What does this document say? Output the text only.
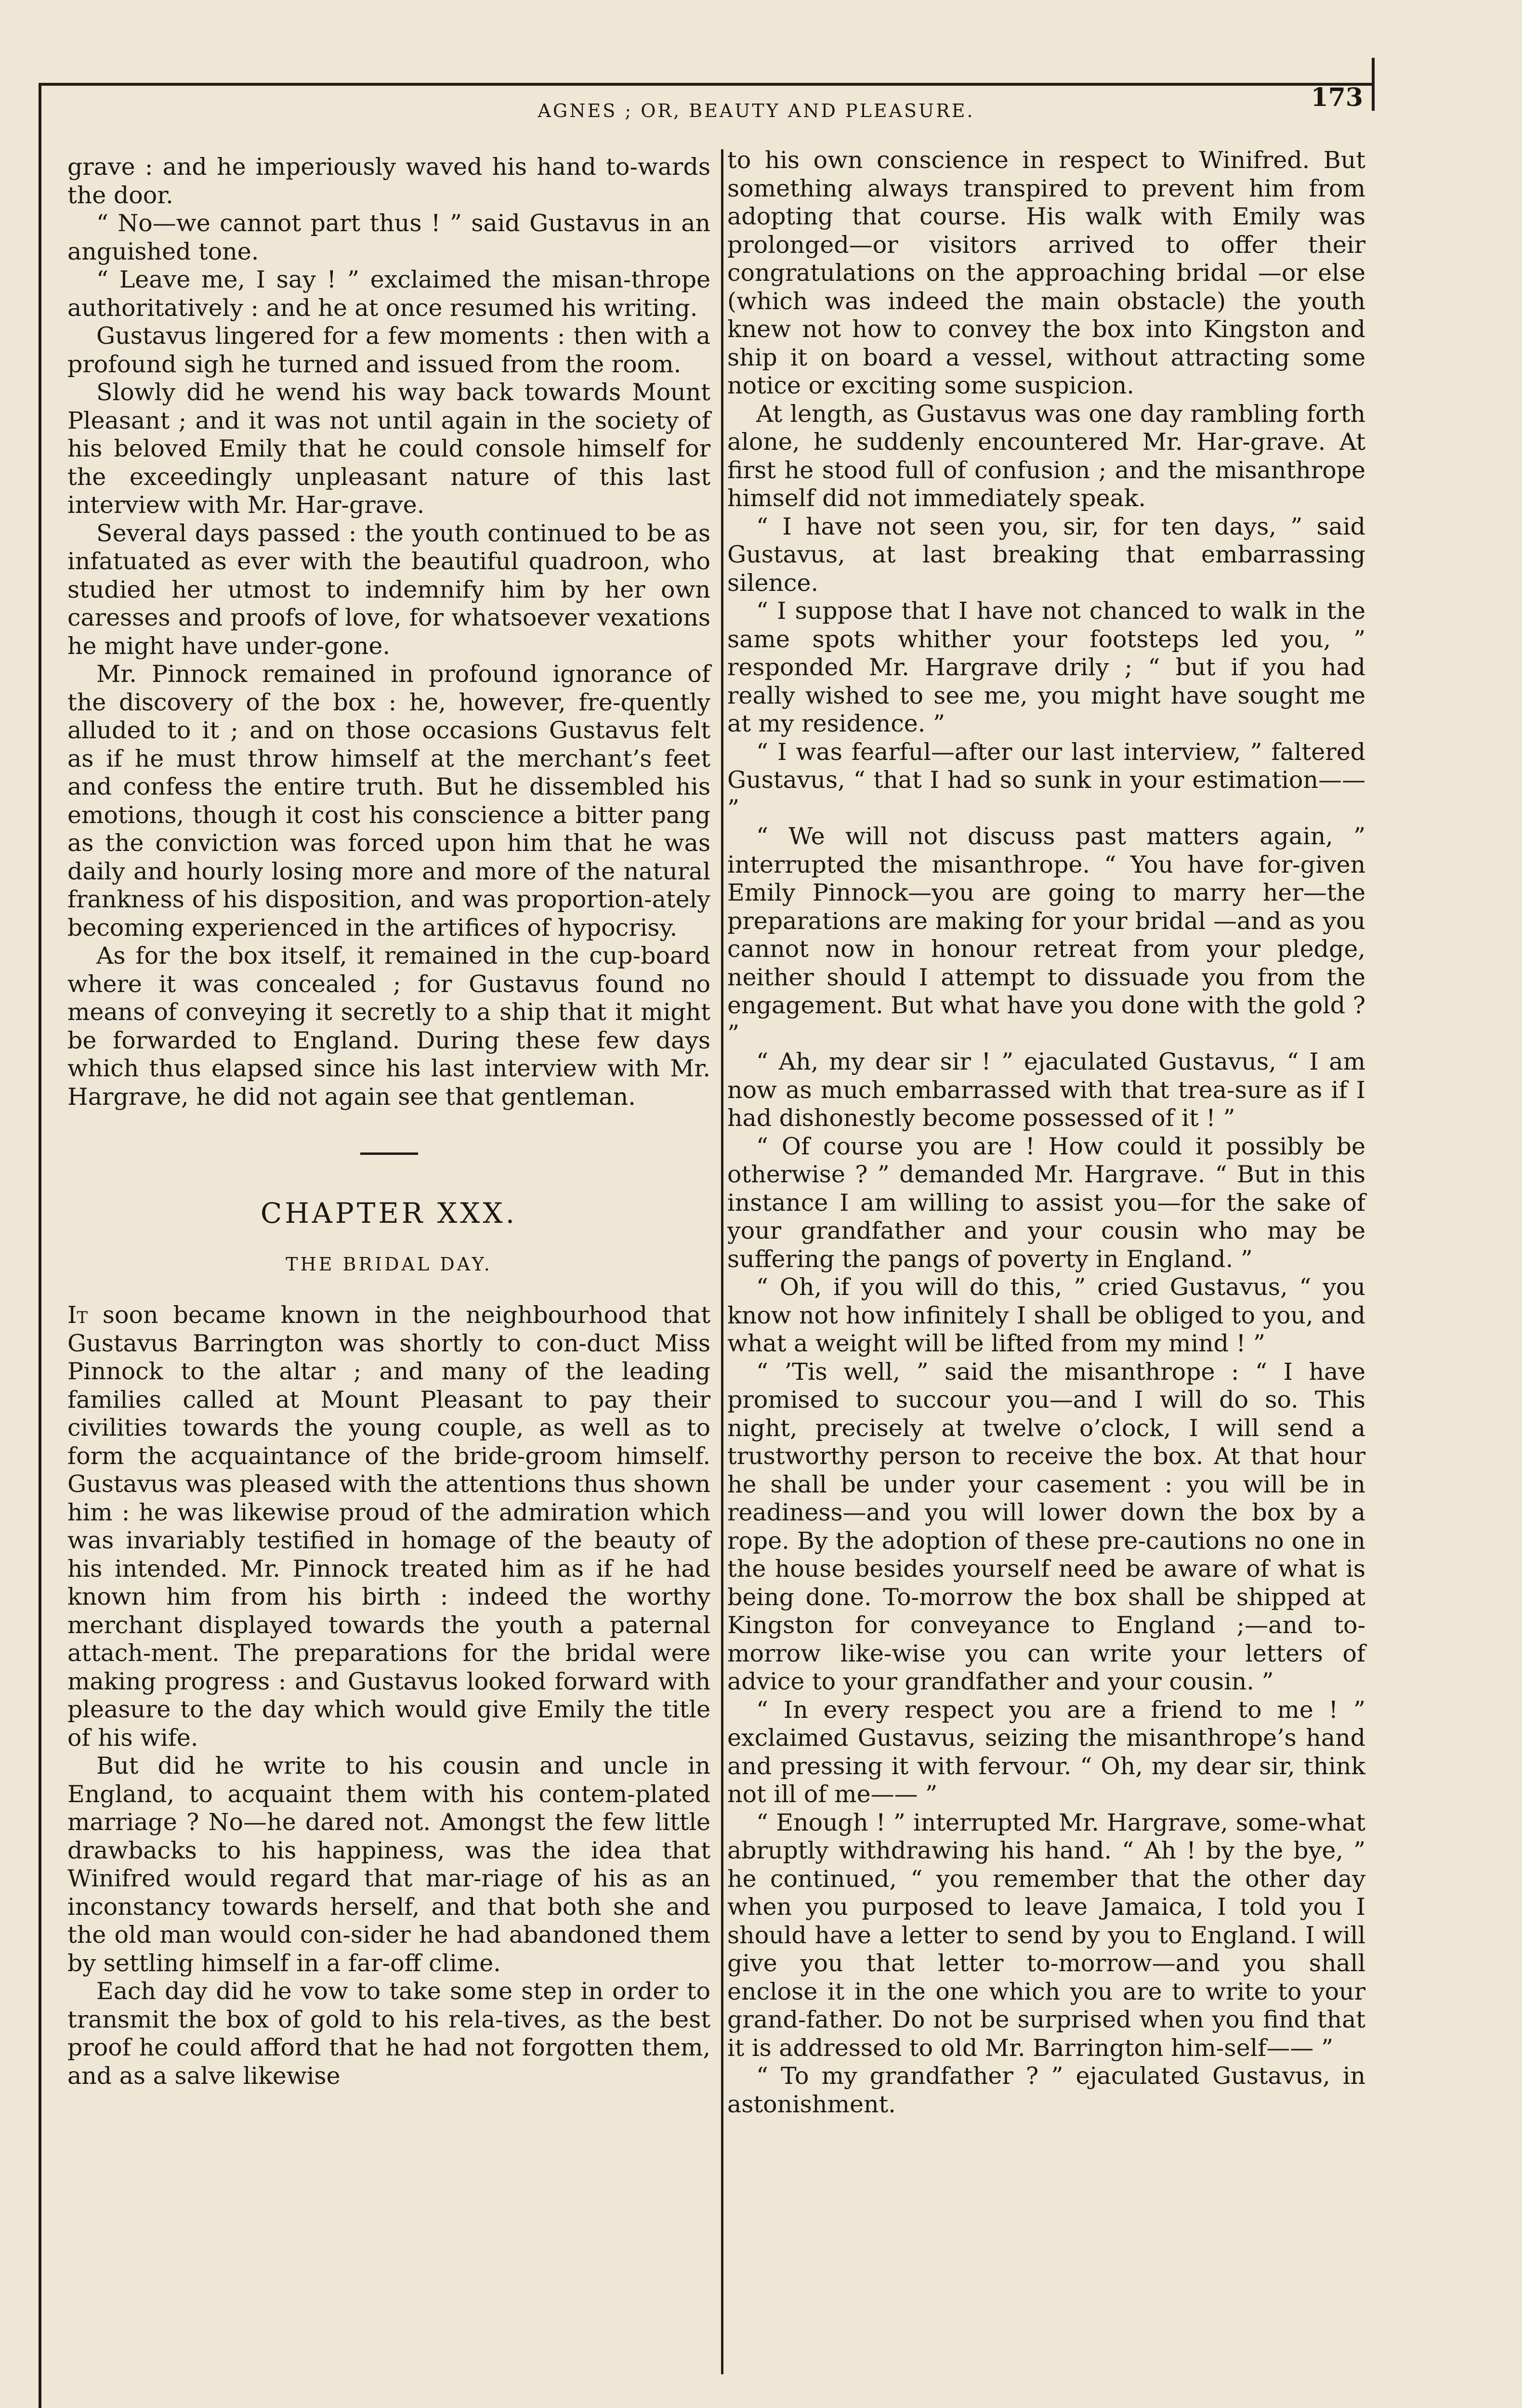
AGNES ; OR, BEAUTY AND PLEASURE.	173

grave : and he imperiously waved his hand to-wards the door.

“ No—we cannot part thus ! ” said Gustavus in an anguished tone.

“ Leave me, I say ! ” exclaimed the misan-thrope authoritatively : and he at once resumed his writing.

Gustavus lingered for a few moments : then with a profound sigh he turned and issued from the room.

Slowly did he wend his way back towards Mount Pleasant ; and it was not until again in the society of his beloved Emily that he could console himself for the exceedingly unpleasant nature of this last interview with Mr. Har-grave.

Several days passed : the youth continued to be as infatuated as ever with the beautiful quadroon, who studied her utmost to indemnify him by her own caresses and proofs of love, for whatsoever vexations he might have under-gone.

Mr. Pinnock remained in profound ignorance of the discovery of the box : he, however, fre-quently alluded to it ; and on those occasions Gustavus felt as if he must throw himself at the merchant’s feet and confess the entire truth. But he dissembled his emotions, though it cost his conscience a bitter pang as the conviction was forced upon him that he was daily and hourly losing more and more of the natural frankness of his disposition, and was proportion-ately becoming experienced in the artifices of hypocrisy.

As for the box itself, it remained in the cup-board where it was concealed ; for Gustavus found no means of conveying it secretly to a ship that it might be forwarded to England. During these few days which thus elapsed since his last interview with Mr. Hargrave, he did not again see that gentleman.

CHAPTER XXX.
THE BRIDAL DAY.

It soon became known in the neighbourhood that Gustavus Barrington was shortly to con-duct Miss Pinnock to the altar ; and many of the leading families called at Mount Pleasant to pay their civilities towards the young couple, as well as to form the acquaintance of the bride-groom himself. Gustavus was pleased with the attentions thus shown him : he was likewise proud of the admiration which was invariably testified in homage of the beauty of his intended. Mr. Pinnock treated him as if he had known him from his birth : indeed the worthy merchant displayed towards the youth a paternal attach-ment. The preparations for the bridal were making progress : and Gustavus looked forward with pleasure to the day which would give Emily the title of his wife.

But did he write to his cousin and uncle in England, to acquaint them with his contem-plated marriage ? No—he dared not. Amongst the few little drawbacks to his happiness, was the idea that Winifred would regard that mar-riage of his as an inconstancy towards herself, and that both she and the old man would con-sider he had abandoned them by settling himself in a far-off clime.

Each day did he vow to take some step in order to transmit the box of gold to his rela-tives, as the best proof he could afford that he had not forgotten them, and as a salve likewise

to his own conscience in respect to Winifred. But something always transpired to prevent him from adopting that course. His walk with Emily was prolonged—or visitors arrived to offer their congratulations on the approaching bridal —or else (which was indeed the main obstacle) the youth knew not how to convey the box into Kingston and ship it on board a vessel, without attracting some notice or exciting some suspicion.

At length, as Gustavus was one day rambling forth alone, he suddenly encountered Mr. Har-grave. At first he stood full of confusion ; and the misanthrope himself did not immediately speak.

“ I have not seen you, sir, for ten days, ” said Gustavus, at last breaking that embarrassing silence.

“ I suppose that I have not chanced to walk in the same spots whither your footsteps led you, ” responded Mr. Hargrave drily ; “ but if you had really wished to see me, you might have sought me at my residence. ”

“ I was fearful—after our last interview, ” faltered Gustavus, “ that I had so sunk in your estimation—— ”

“ We will not discuss past matters again, ” interrupted the misanthrope. “ You have for-given Emily Pinnock—you are going to marry her—the preparations are making for your bridal —and as you cannot now in honour retreat from your pledge, neither should I attempt to dissuade you from the engagement. But what have you done with the gold ? ”

“ Ah, my dear sir ! ” ejaculated Gustavus, “ I am now as much embarrassed with that trea-sure as if I had dishonestly become possessed of it ! ”

“ Of course you are ! How could it possibly be otherwise ? ” demanded Mr. Hargrave. “ But in this instance I am willing to assist you—for the sake of your grandfather and your cousin who may be suffering the pangs of poverty in England. ”

“ Oh, if you will do this, ” cried Gustavus, “ you know not how infinitely I shall be obliged to you, and what a weight will be lifted from my mind ! ”

“ ’Tis well, ” said the misanthrope : “ I have promised to succour you—and I will do so. This night, precisely at twelve o’clock, I will send a trustworthy person to receive the box. At that hour he shall be under your casement : you will be in readiness—and you will lower down the box by a rope. By the adoption of these pre-cautions no one in the house besides yourself need be aware of what is being done. To-morrow the box shall be shipped at Kingston for conveyance to England ;—and to-morrow like-wise you can write your letters of advice to your grandfather and your cousin. ”

“ In every respect you are a friend to me ! ” exclaimed Gustavus, seizing the misanthrope’s hand and pressing it with fervour. “ Oh, my dear sir, think not ill of me—— ”

“ Enough ! ” interrupted Mr. Hargrave, some-what abruptly withdrawing his hand. “ Ah ! by the bye, ” he continued, “ you remember that the other day when you purposed to leave Jamaica, I told you I should have a letter to send by you to England. I will give you that letter to-morrow—and you shall enclose it in the one which you are to write to your grand-father. Do not be surprised when you find that it is addressed to old Mr. Barrington him-self—— ”

“ To my grandfather ? ” ejaculated Gustavus, in astonishment.
